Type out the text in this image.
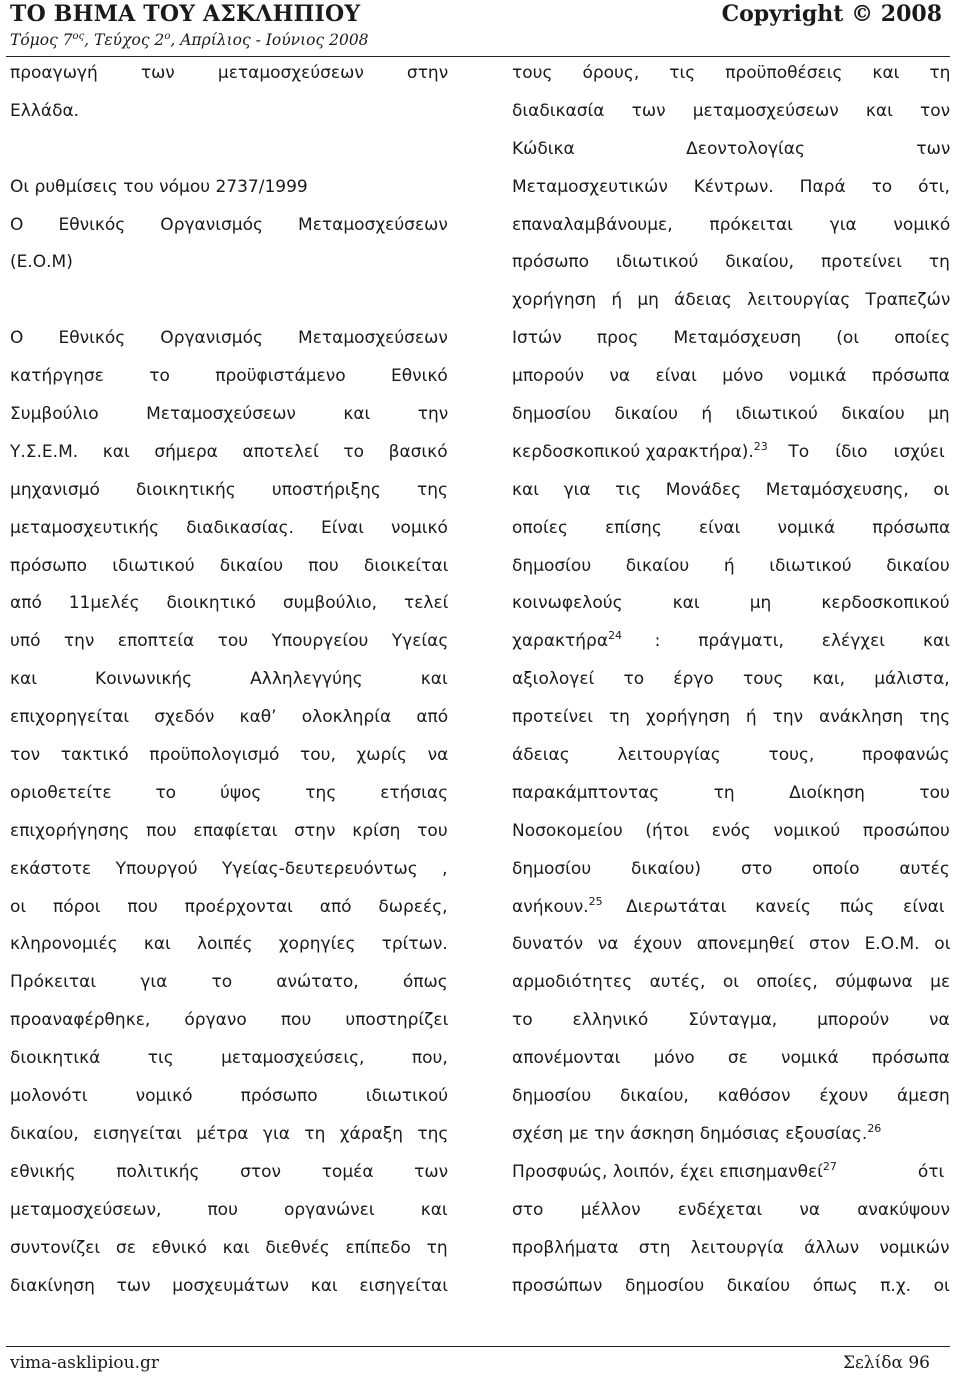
ΤΟ ΒΗΜΑ ΤΟΥ ΑΣΚΛΗΠΙΟΥ	Copyright © 2008
Τόμος $7^{o\varsigma}$, Τεύχος $2^o$, Απρίλιος - Ιούνιος 2008
προαγωγή των μεταμοσχεύσεων στην
Ελλάδα.
Οι ρυθμίσεις του νόμου 2737/1999
Ο Εθνικός Οργανισμός Μεταμοσχεύσεων
(Ε.Ο.Μ)
Ο Εθνικός Οργανισμός Μεταμοσχεύσεων
κατήργησε το προϋφιστάμενο Εθνικό
Συμβούλιο Μεταμοσχεύσεων και την
Υ.Σ.Ε.Μ. και σήμερα αποτελεί το βασικό
μηχανισμό διοικητικής υποστήριξης της
μεταμοσχευτικής διαδικασίας. Είναι νομικό
πρόσωπο ιδιωτικού δικαίου που διοικείται
από 11μελές διοικητικό συμβούλιο, τελεί
υπό την εποπτεία του Υπουργείου Υγείας
και Κοινωνικής Αλληλεγγύης και
επιχορηγείται σχεδόν καθ’ ολοκληρία από
τον τακτικό προϋπολογισμό του, χωρίς να
οριοθετείτε το ύψος της ετήσιας
επιχορήγησης που επαφίεται στην κρίση του
εκάστοτε Υπουργού Υγείας-δευτερευόντως ,
οι πόροι που προέρχονται από δωρεές,
κληρονομιές και λοιπές χορηγίες τρίτων.
Πρόκειται για το ανώτατο, όπως
προαναφέρθηκε, όργανο που υποστηρίζει
διοικητικά τις μεταμοσχεύσεις, που,
μολονότι νομικό πρόσωπο ιδιωτικού
δικαίου, εισηγείται μέτρα για τη χάραξη της
εθνικής πολιτικής στον τομέα των
μεταμοσχεύσεων, που οργανώνει και
συντονίζει σε εθνικό και διεθνές επίπεδο τη
διακίνηση των μοσχευμάτων και εισηγείται
τους όρους, τις προϋποθέσεις και τη
διαδικασία των μεταμοσχεύσεων και τον
Κώδικα Δεοντολογίας των
Μεταμοσχευτικών Κέντρων. Παρά το ότι,
επαναλαμβάνουμε, πρόκειται για νομικό
πρόσωπο ιδιωτικού δικαίου, προτείνει τη
χορήγηση ή μη άδειας λειτουργίας Τραπεζών
Ιστών προς Μεταμόσχευση (οι οποίες
μπορούν να είναι μόνο νομικά πρόσωπα
δημοσίου δικαίου ή ιδιωτικού δικαίου μη
κερδοσκοπικού χαρακτήρα).$^{23}$ Το ίδιο ισχύει
και για τις Μονάδες Μεταμόσχευσης, οι
οποίες επίσης είναι νομικά πρόσωπα
δημοσίου δικαίου ή ιδιωτικού δικαίου
κοινωφελούς και μη κερδοσκοπικού
χαρακτήρα$^{24}$ : πράγματι, ελέγχει και
αξιολογεί το έργο τους και, μάλιστα,
προτείνει τη χορήγηση ή την ανάκληση της
άδειας λειτουργίας τους, προφανώς
παρακάμπτοντας τη Διοίκηση του
Νοσοκομείου (ήτοι ενός νομικού προσώπου
δημοσίου δικαίου) στο οποίο αυτές
ανήκουν.$^{25}$ Διερωτάται κανείς πώς είναι
δυνατόν να έχουν απονεμηθεί στον Ε.Ο.Μ. οι
αρμοδιότητες αυτές, οι οποίες, σύμφωνα με
το ελληνικό Σύνταγμα, μπορούν να
απονέμονται μόνο σε νομικά πρόσωπα
δημοσίου δικαίου, καθόσον έχουν άμεση
σχέση με την άσκηση δημόσιας εξουσίας.$^{26}$
Προσφυώς, λοιπόν, έχει επισημανθεί$^{27}$	ότι
στο μέλλον ενδέχεται να ανακύψουν
προβλήματα στη λειτουργία άλλων νομικών
προσώπων δημοσίου δικαίου όπως π.χ. οι
vima-asklipiou.gr	Σελίδα 96
